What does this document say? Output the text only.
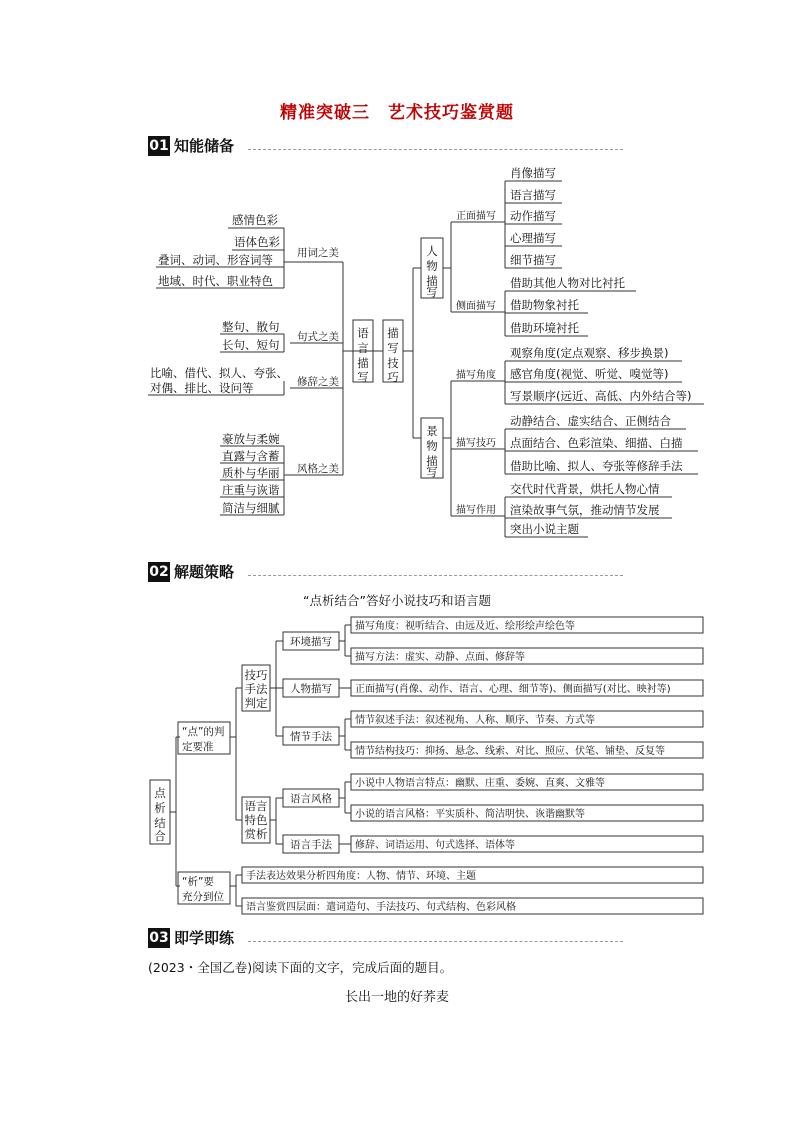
精准突破三　艺术技巧鉴赏题
01 知能储备
02 解题策略
03 即学即练
描
写
技
巧
语
言
描
写
人
物
描
写
景
物
描
写
用词之美
句式之美
修辞之美
风格之美
感情色彩
语体色彩
叠词、动词、形容词等
地域、时代、职业特色
整句、散句
长句、短句
比喻、借代、拟人、夸张、
对偶、排比、设问等
豪放与柔婉
直露与含蓄
质朴与华丽
庄重与诙谐
简洁与细腻
正面描写
侧面描写
描写角度
描写技巧
描写作用
肖像描写
语言描写
动作描写
心理描写
细节描写
借助其他人物对比衬托
借助物象衬托
借助环境衬托
观察角度(定点观察、移步换景)
感官角度(视觉、听觉、嗅觉等)
写景顺序(远近、高低、内外结合等)
动静结合、虚实结合、正侧结合
点面结合、色彩渲染、细描、白描
借助比喻、拟人、夸张等修辞手法
交代时代背景，烘托人物心情
渲染故事气氛，推动情节发展
突出小说主题
“点析结合”答好小说技巧和语言题
点
析
结
合
技巧
手法
判定
语言
特色
赏析
“点”的判
定要准
“析”要
充分到位
环境描写
人物描写
情节手法
语言风格
语言手法
描写角度：视听结合、由远及近、绘形绘声绘色等
描写方法：虚实、动静、点面、修辞等
正面描写(肖像、动作、语言、心理、细节等)、侧面描写(对比、映衬等)
情节叙述手法：叙述视角、人称、顺序、节奏、方式等
情节结构技巧：抑扬、悬念、线索、对比、照应、伏笔、铺垫、反复等
小说中人物语言特点：幽默、庄重、委婉、直爽、文雅等
小说的语言风格：平实质朴、简洁明快、诙谐幽默等
修辞、词语运用、句式选择、语体等
手法表达效果分析四角度：人物、情节、环境、主题
语言鉴赏四层面：遣词造句、手法技巧、句式结构、色彩风格
(2023・全国乙卷)阅读下面的文字，完成后面的题目。
长出一地的好荞麦
